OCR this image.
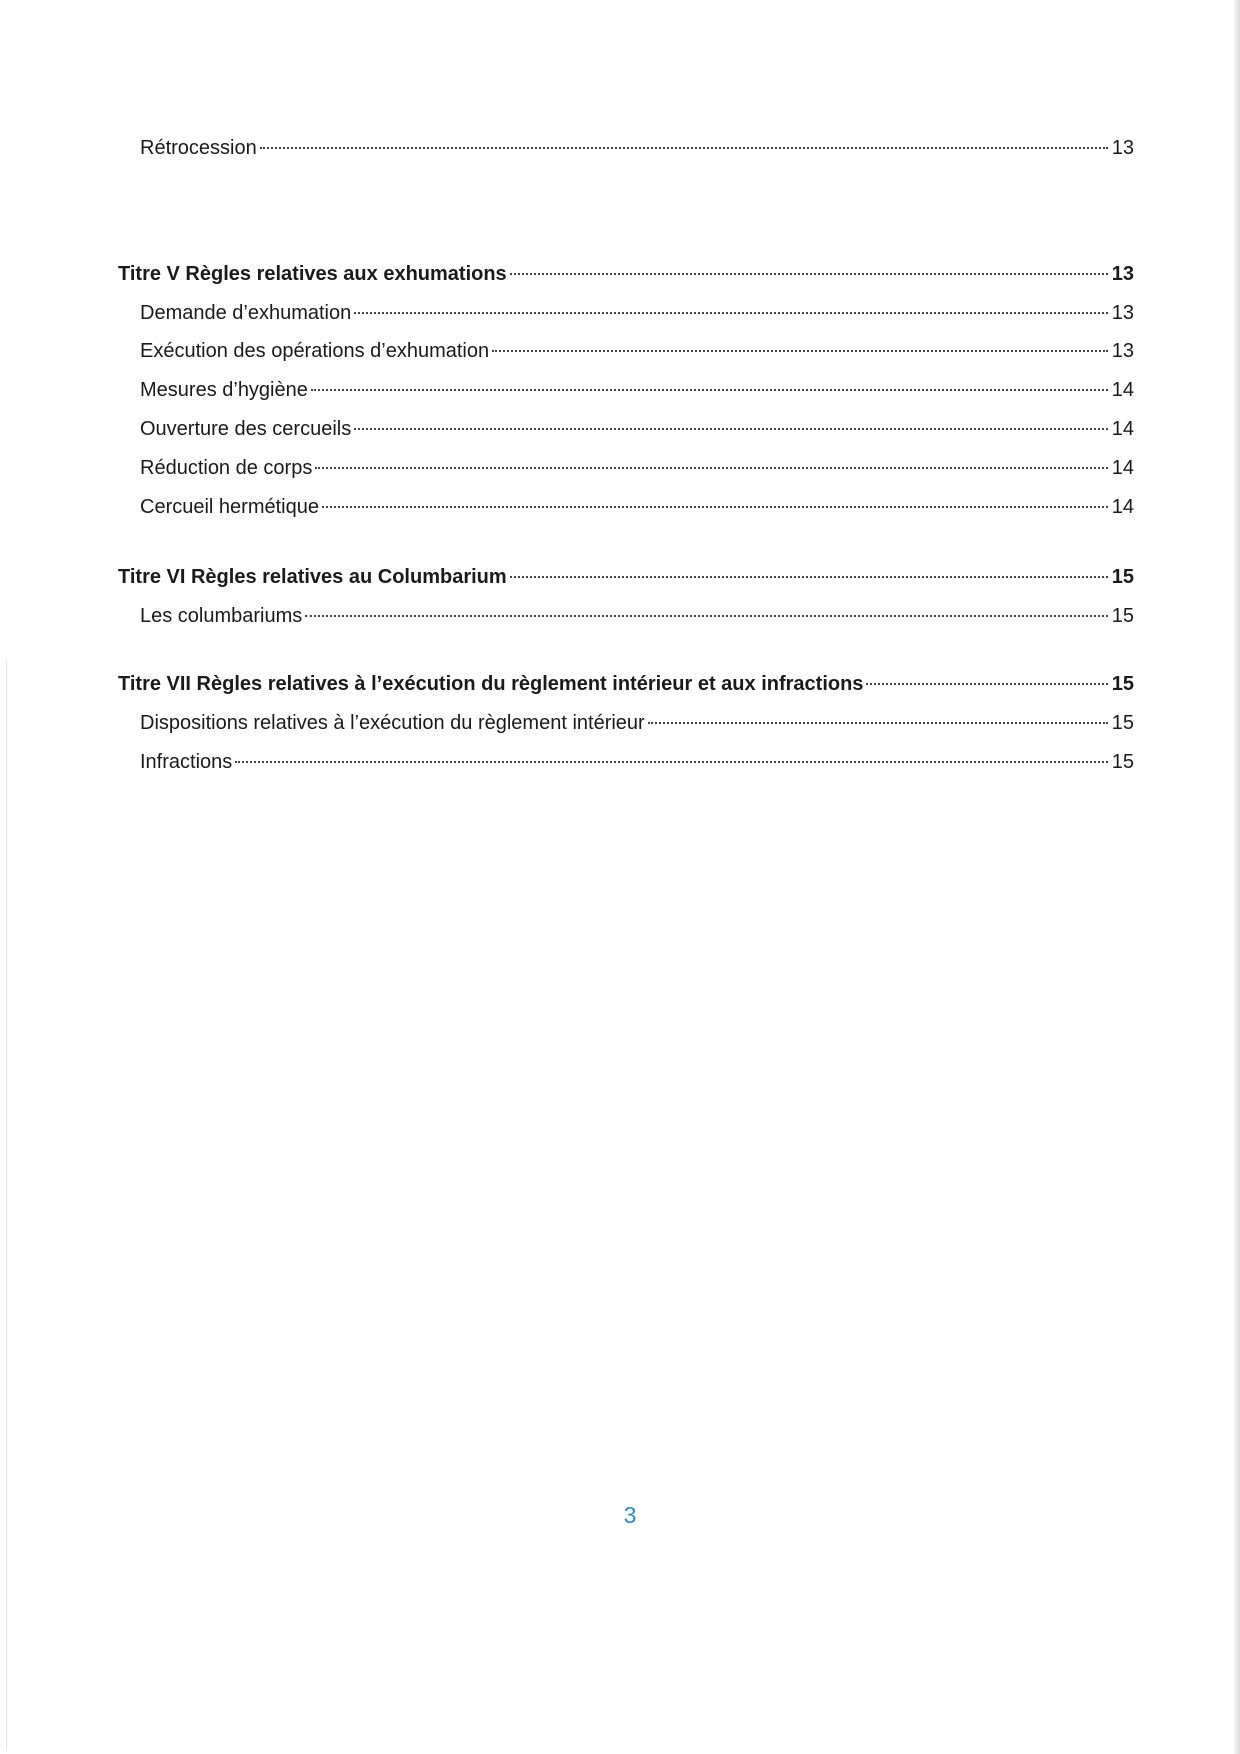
Rétrocession	13
Titre V Règles relatives aux exhumations	13
Demande d’exhumation	13
Exécution des opérations d’exhumation	13
Mesures d’hygiène	14
Ouverture des cercueils	14
Réduction de corps	14
Cercueil hermétique	14
Titre VI Règles relatives au Columbarium	15
Les columbariums	15
Titre VII Règles relatives à l’exécution du règlement intérieur et aux infractions	15
Dispositions relatives à l’exécution du règlement intérieur	15
Infractions	15
3
